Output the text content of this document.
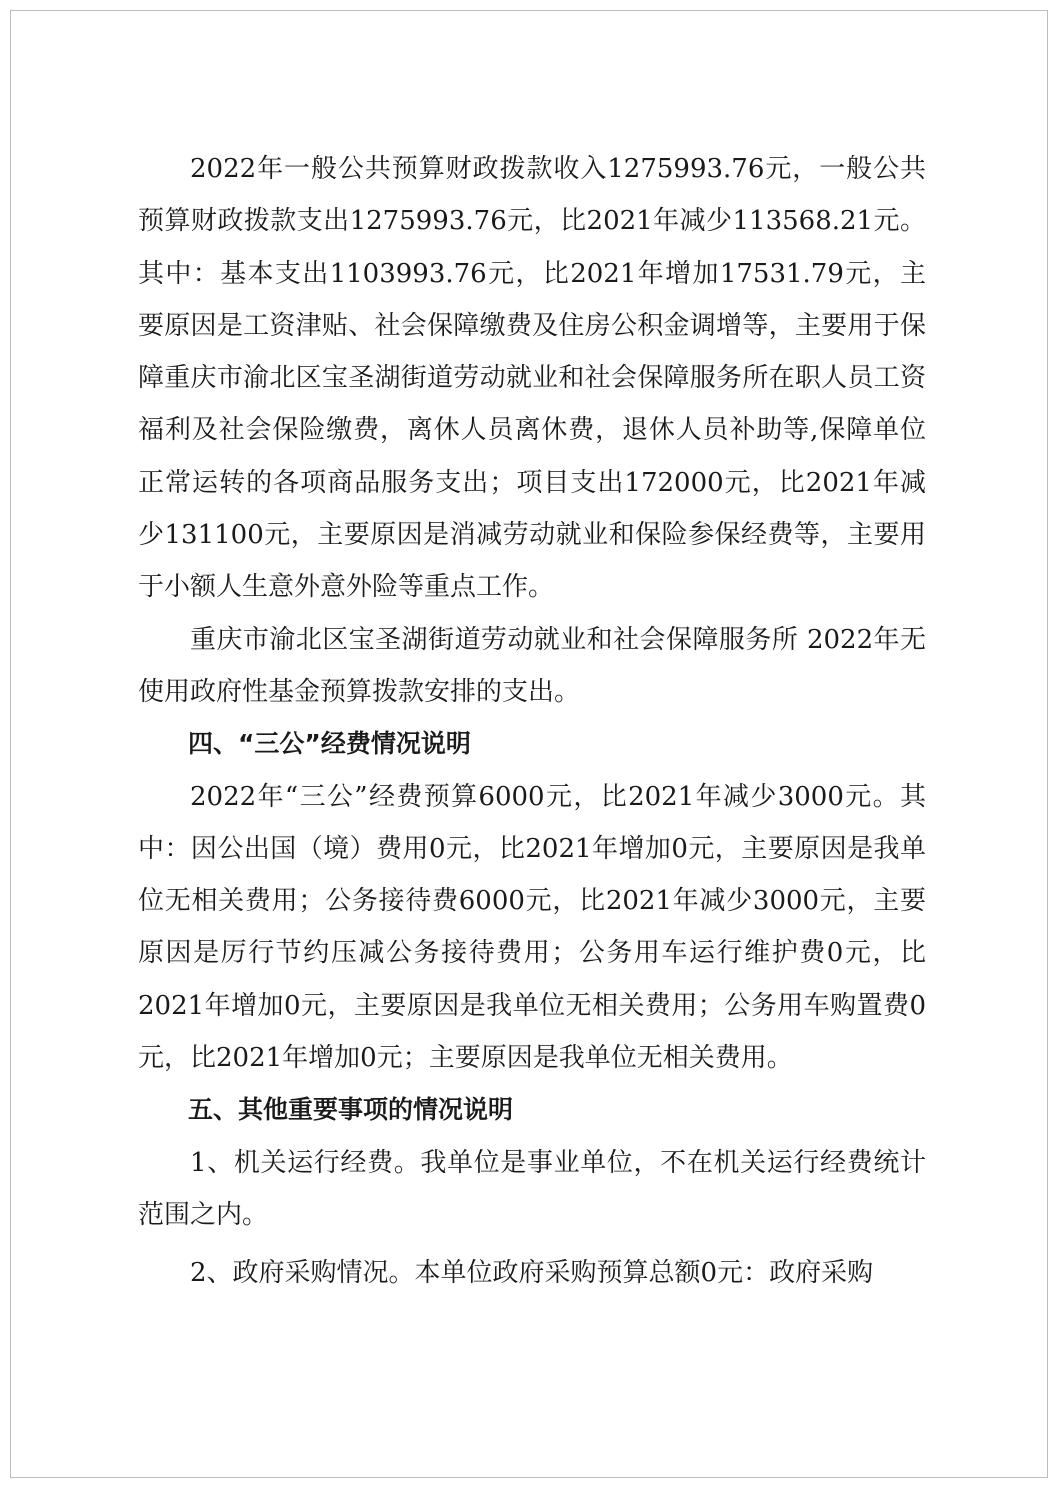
2022年一般公共预算财政拨款收入1275993.76元，一般公共预算财政拨款支出1275993.76元，比2021年减少113568.21元。其中：基本支出1103993.76元，比2021年增加17531.79元，主要原因是工资津贴、社会保障缴费及住房公积金调增等，主要用于保障重庆市渝北区宝圣湖街道劳动就业和社会保障服务所在职人员工资福利及社会保险缴费，离休人员离休费，退休人员补助等,保障单位正常运转的各项商品服务支出；项目支出172000元，比2021年减少131100元，主要原因是消减劳动就业和保险参保经费等，主要用于小额人生意外意外险等重点工作。

重庆市渝北区宝圣湖街道劳动就业和社会保障服务所 2022年无使用政府性基金预算拨款安排的支出。

四、“三公”经费情况说明

2022年“三公”经费预算6000元，比2021年减少3000元。其中：因公出国（境）费用0元，比2021年增加0元，主要原因是我单位无相关费用；公务接待费6000元，比2021年减少3000元，主要原因是厉行节约压减公务接待费用；公务用车运行维护费0元，比2021年增加0元，主要原因是我单位无相关费用；公务用车购置费0元，比2021年增加0元；主要原因是我单位无相关费用。

五、其他重要事项的情况说明

1、机关运行经费。我单位是事业单位，不在机关运行经费统计范围之内。

2、政府采购情况。本单位政府采购预算总额0元：政府采购
